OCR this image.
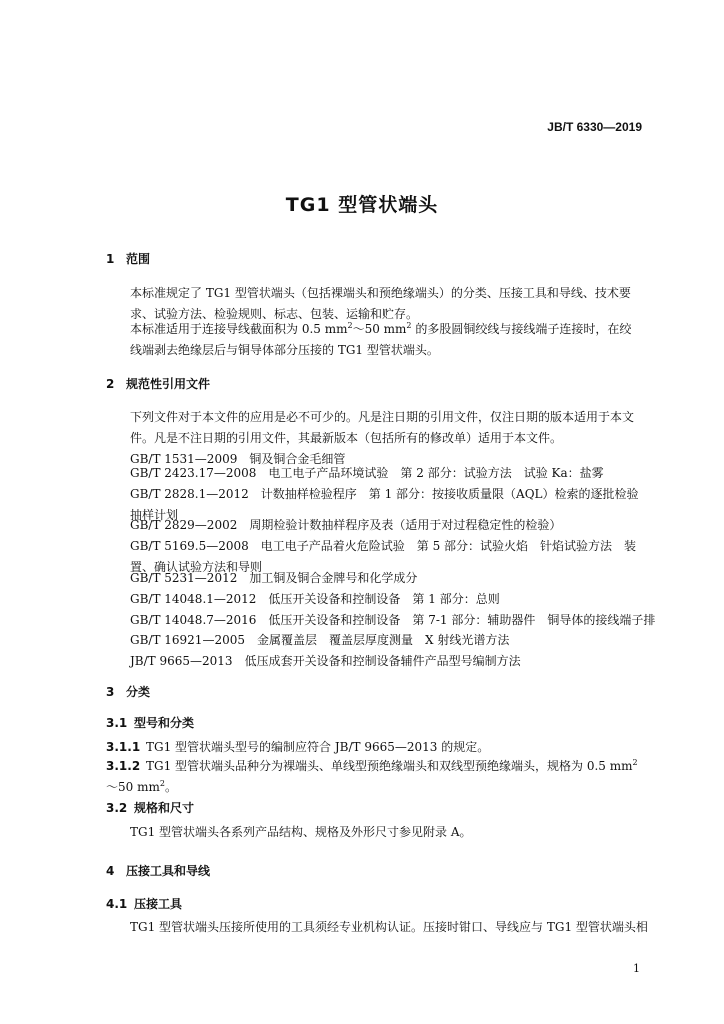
JB/T 6330—2019
TG1 型管状端头
1 范围
本标准规定了 TG1 型管状端头（包括裸端头和预绝缘端头）的分类、压接工具和导线、技术要求、试验方法、检验规则、标志、包装、运输和贮存。
本标准适用于连接导线截面积为 0.5 $mm^2\sim 50$ $mm^2$ 的多股圆铜绞线与接线端子连接时，在绞线端剥去绝缘层后与铜导体部分压接的 TG1 型管状端头。
2 规范性引用文件
下列文件对于本文件的应用是必不可少的。凡是注日期的引用文件，仅注日期的版本适用于本文件。凡是不注日期的引用文件，其最新版本（包括所有的修改单）适用于本文件。
GB/T 1531—2009　铜及铜合金毛细管
GB/T 2423.17—2008　电工电子产品环境试验　第 2 部分：试验方法　试验 Ka：盐雾
GB/T 2828.1—2012　计数抽样检验程序　第 1 部分：按接收质量限（AQL）检索的逐批检验抽样计划
GB/T 2829—2002　周期检验计数抽样程序及表（适用于对过程稳定性的检验）
GB/T 5169.5—2008　电工电子产品着火危险试验　第 5 部分：试验火焰　针焰试验方法　装置、确认试验方法和导则
GB/T 5231—2012　加工铜及铜合金牌号和化学成分
GB/T 14048.1—2012　低压开关设备和控制设备　第 1 部分：总则
GB/T 14048.7—2016　低压开关设备和控制设备　第 7-1 部分：辅助器件　铜导体的接线端子排
GB/T 16921—2005　金属覆盖层　覆盖层厚度测量　X 射线光谱方法
JB/T 9665—2013　低压成套开关设备和控制设备辅件产品型号编制方法
3 分类
3.1 型号和分类
3.1.1 TG1 型管状端头型号的编制应符合 JB/T 9665—2013 的规定。
3.1.2 TG1 型管状端头品种分为裸端头、单线型预绝缘端头和双线型预绝缘端头，规格为 0.5 $mm^2\sim 50$ $mm^2$。
3.2 规格和尺寸
TG1 型管状端头各系列产品结构、规格及外形尺寸参见附录 A。
4 压接工具和导线
4.1 压接工具
TG1 型管状端头压接所使用的工具须经专业机构认证。压接时钳口、导线应与 TG1 型管状端头相
1
